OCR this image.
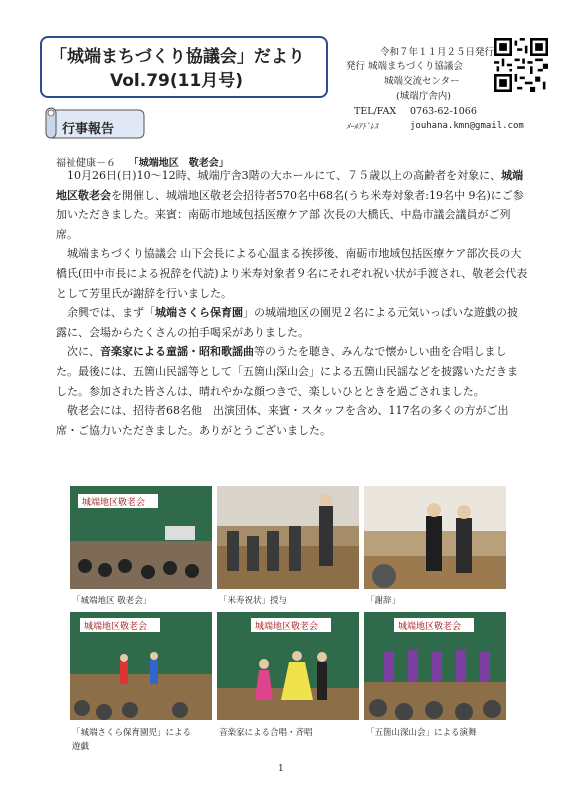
「城端まちづくり協議会」だより
Vol.79(11月号)
令和７年１１月２５日発行
発行 城端まちづくり協議会
城端交流センター
(城端庁舎内)
TEL/FAX 0763-62-1066
ﾒｰﾙｱﾄﾞﾚｽ	jouhana.kmn@gmail.com
行事報告
福祉健康－６ 「城端地区　敬老会」

10月26日(日)10～12時、城端庁舎3階の大ホールにて、７５歳以上の高齢者を対象に、城端地区敬老会を開催し、城端地区敬老会招待者570名中68名(うち米寿対象者:19名中 9名)にご参加いただきました。来賓：南砺市地域包括医療ケア部 次長の大橋氏、中島市議会議員がご列席。

城端まちづくり協議会 山下会長による心温まる挨拶後、南砺市地域包括医療ケア部次長の大橋氏(田中市長による祝辞を代読)より米寿対象者９名にそれぞれ祝い状が手渡され、敬老会代表として芳里氏が謝辞を行いました。

余興では、まず「城端さくら保育園」の城端地区の園児２名による元気いっぱいな遊戯の披露に、会場からたくさんの拍手喝采がありました。

次に、音楽家による童謡・昭和歌謡曲等のうたを聴き、みんなで懐かしい曲を合唱しました。最後には、五箇山民謡等として「五箇山深山会」による五箇山民謡などを披露いただきました。参加された皆さんは、晴れやかな顔つきで、楽しいひとときを過ごされました。

敬老会には、招待者68名他　出演団体、来賓・スタッフを含め、117名の多くの方がご出席・ご協力いただきました。ありがとうございました。

城端地区敬老会
「城端地区 敬老会」	「米寿祝状」授与	「謝辞」
城端地区敬老会	城端地区敬老会	城端地区敬老会
「城端さくら保育園児」による
遊戯
音楽家による合唱・斉唱	「五箇山深山会」による演舞
1
